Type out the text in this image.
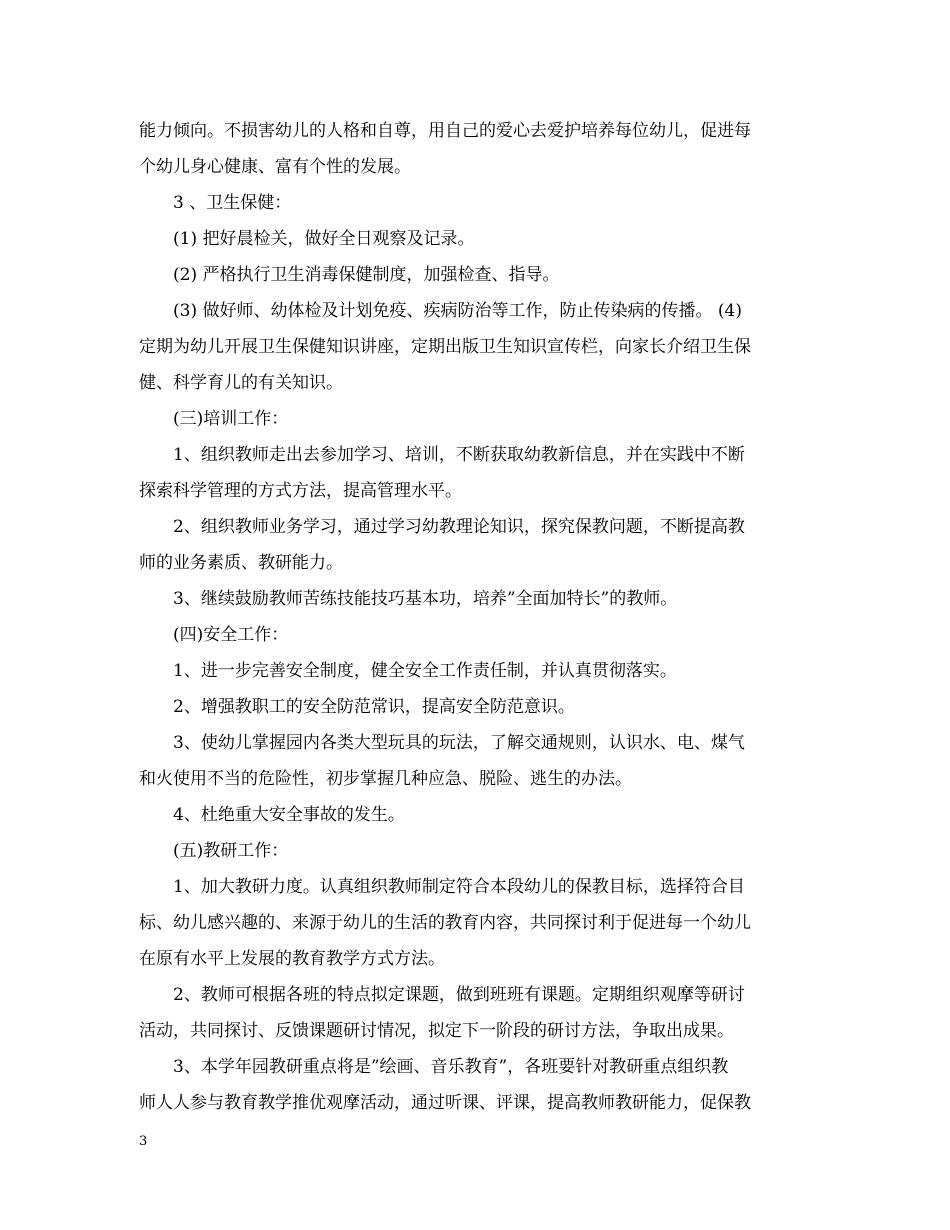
能力倾向。不损害幼儿的人格和自尊，用自己的爱心去爱护培养每位幼儿，促进每
个幼儿身心健康、富有个性的发展。
3 、卫生保健：
(1) 把好晨检关，做好全日观察及记录。
(2) 严格执行卫生消毒保健制度，加强检查、指导。
(3) 做好师、幼体检及计划免疫、疾病防治等工作，防止传染病的传播。 (4)
定期为幼儿开展卫生保健知识讲座，定期出版卫生知识宣传栏，向家长介绍卫生保
健、科学育儿的有关知识。
(三)培训工作：
1、组织教师走出去参加学习、培训，不断获取幼教新信息，并在实践中不断
探索科学管理的方式方法，提高管理水平。
2、组织教师业务学习，通过学习幼教理论知识，探究保教问题，不断提高教
师的业务素质、教研能力。
3、继续鼓励教师苦练技能技巧基本功，培养”全面加特长”的教师。
(四)安全工作：
1、进一步完善安全制度，健全安全工作责任制，并认真贯彻落实。
2、增强教职工的安全防范常识，提高安全防范意识。
3、使幼儿掌握园内各类大型玩具的玩法，了解交通规则，认识水、电、煤气
和火使用不当的危险性，初步掌握几种应急、脱险、逃生的办法。
4、杜绝重大安全事故的发生。
(五)教研工作：
1、加大教研力度。认真组织教师制定符合本段幼儿的保教目标，选择符合目
标、幼儿感兴趣的、来源于幼儿的生活的教育内容，共同探讨利于促进每一个幼儿
在原有水平上发展的教育教学方式方法。
2、教师可根据各班的特点拟定课题，做到班班有课题。定期组织观摩等研讨
活动，共同探讨、反馈课题研讨情况，拟定下一阶段的研讨方法，争取出成果。
3、本学年园教研重点将是”绘画、音乐教育”，各班要针对教研重点组织教
师人人参与教育教学推优观摩活动，通过听课、评课，提高教师教研能力，促保教
3
